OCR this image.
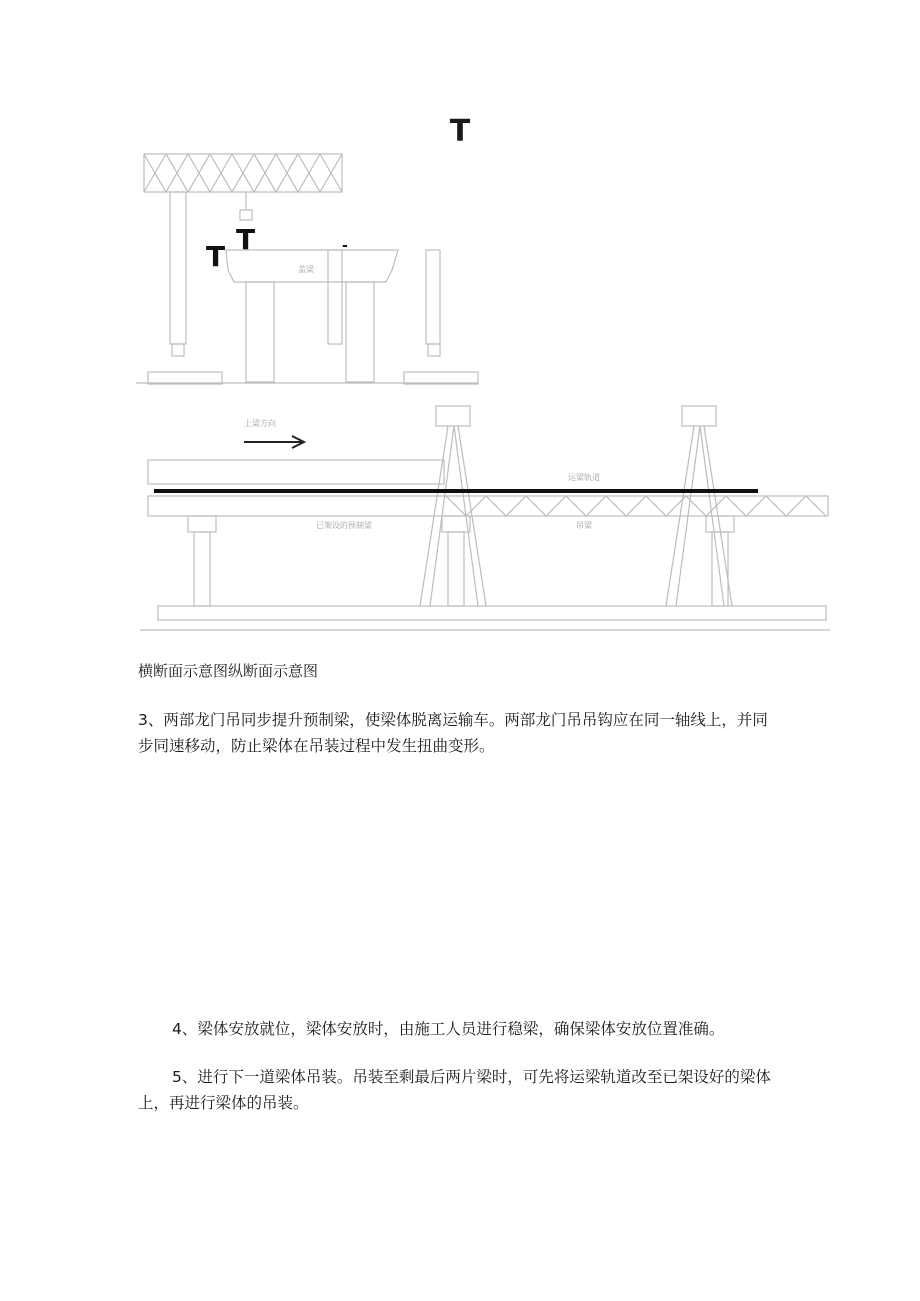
T
T
T	-
盖梁
上梁方向
运梁轨道
已架设的预制梁	吊梁
横断面示意图纵断面示意图

3、两部龙门吊同步提升预制梁，使梁体脱离运输车。两部龙门吊吊钩应在同一轴线上，并同步同速移动，防止梁体在吊装过程中发生扭曲变形。

4、梁体安放就位，梁体安放时，由施工人员进行稳梁，确保梁体安放位置准确。

5、进行下一道梁体吊装。吊装至剩最后两片梁时，可先将运梁轨道改至已架设好的梁体上，再进行梁体的吊装。
